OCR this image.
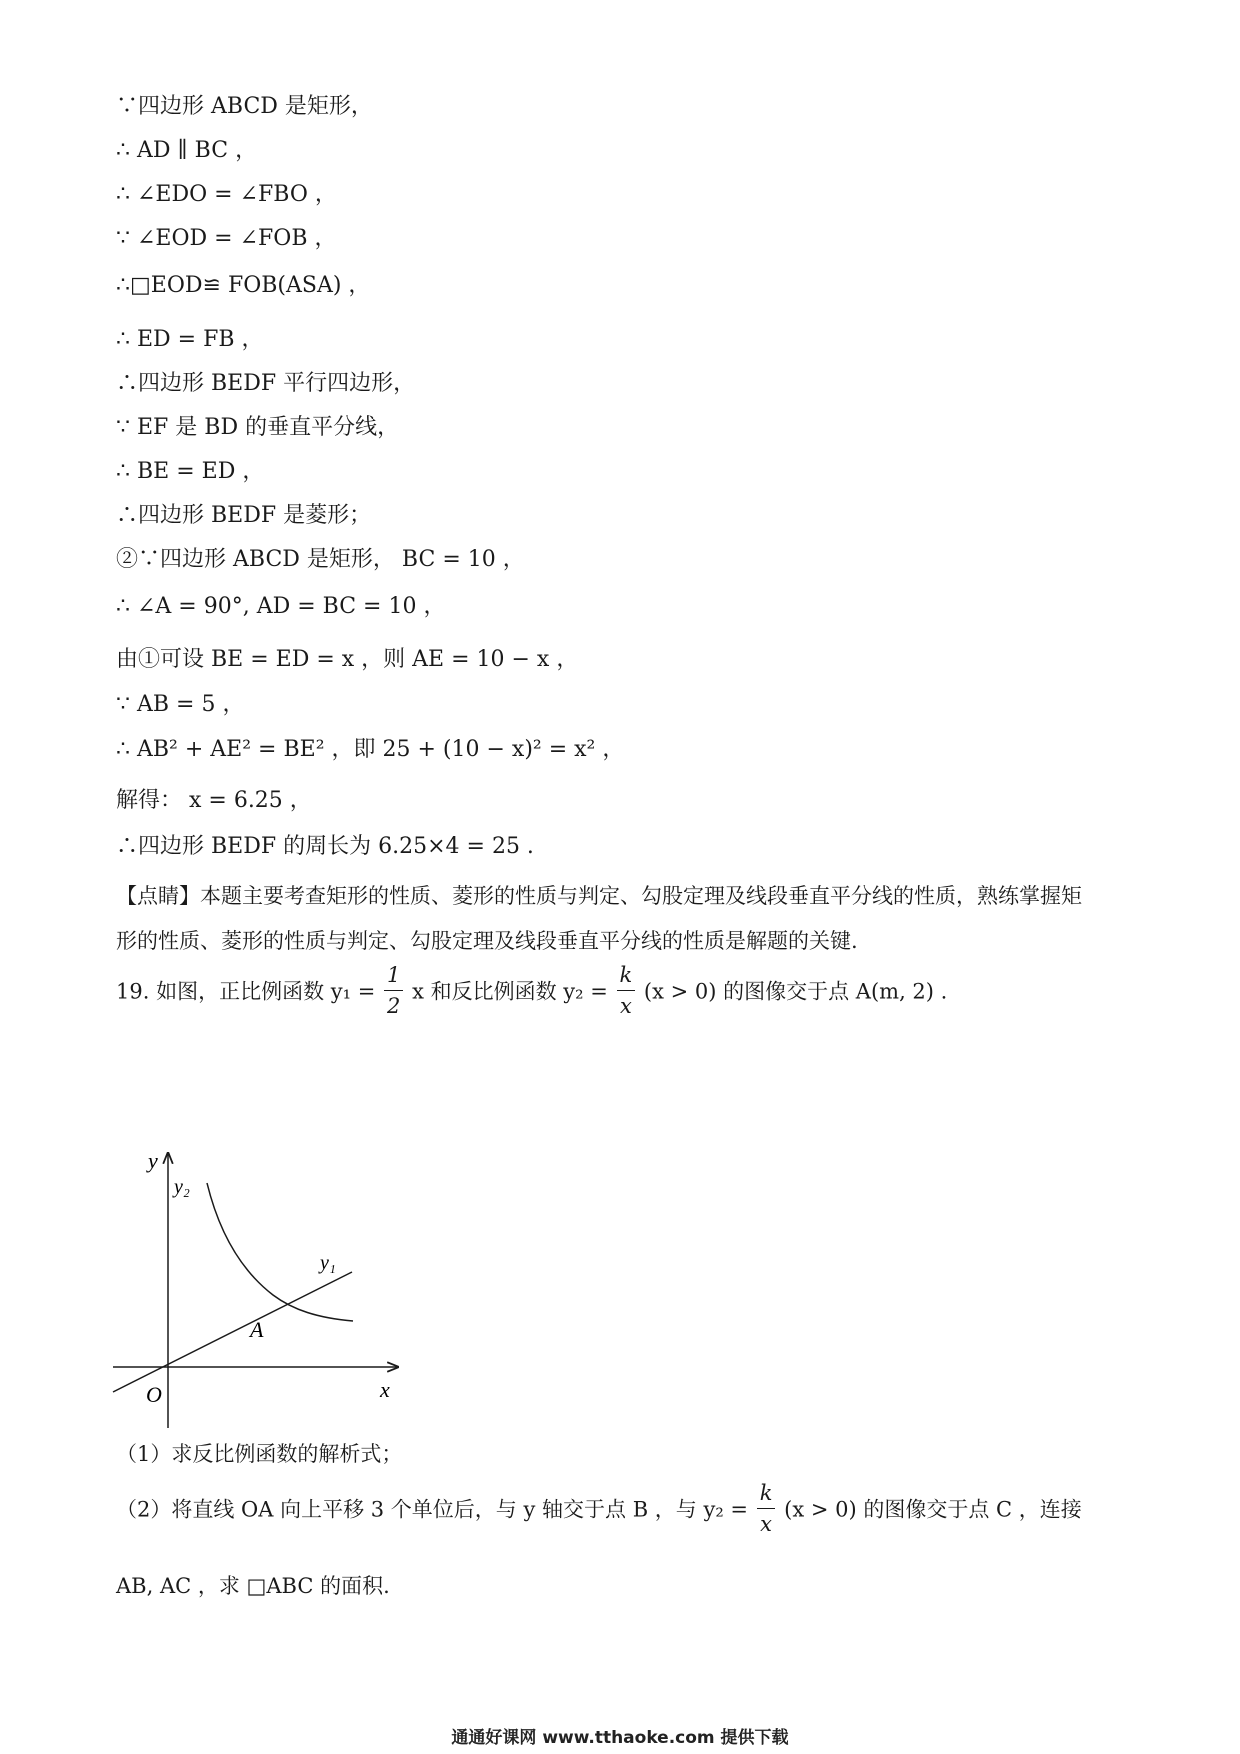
∵四边形 ABCD 是矩形，
∴ AD ∥ BC ，
∴ ∠EDO = ∠FBO ，
∵ ∠EOD = ∠FOB ，
∴□EOD≌ FOB(ASA) ，
∴ ED = FB ，
∴四边形 BEDF 平行四边形，
∵ EF 是 BD 的垂直平分线，
∴ BE = ED ，
∴四边形 BEDF 是菱形；
②∵四边形 ABCD 是矩形， BC = 10 ，
∴ ∠A = 90°, AD = BC = 10 ，
由①可设 BE = ED = x ，则 AE = 10 − x ，
∵ AB = 5 ，
∴ AB² + AE² = BE² ，即 25 + (10 − x)² = x² ，
解得： x = 6.25 ，
∴四边形 BEDF 的周长为 6.25×4 = 25 .
【点睛】本题主要考查矩形的性质、菱形的性质与判定、勾股定理及线段垂直平分线的性质，熟练掌握矩
形的性质、菱形的性质与判定、勾股定理及线段垂直平分线的性质是解题的关键.
19. 如图，正比例函数 $y_1 = \frac{1}{2}$ x 和反比例函数 $y_2 = \frac{k}{x} (x > 0)$ 的图像交于点 A(m, 2) .
y
x
O
A
y₁
y₂
（1）求反比例函数的解析式；
（2）将直线 OA 向上平移 3 个单位后，与 y 轴交于点 B ，与 $y_2 = \frac{k}{x} (x > 0)$ 的图像交于点 C ，连接
AB, AC ，求 □ABC 的面积.
通通好课网 www.tthaoke.com 提供下载
